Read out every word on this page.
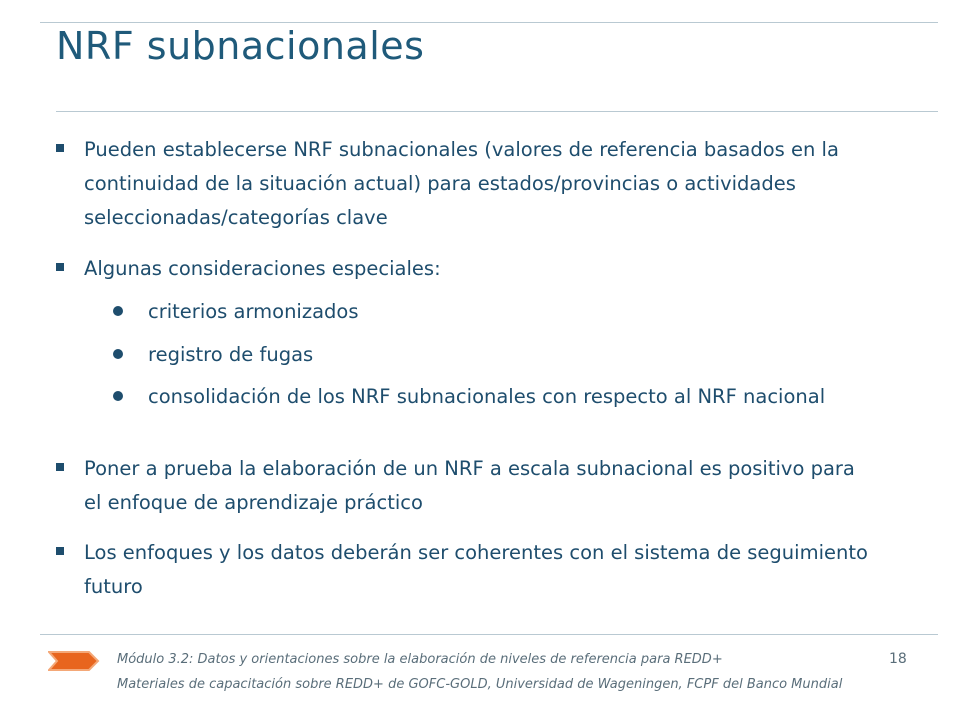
NRF subnacionales
Pueden establecerse NRF subnacionales (valores de referencia basados en la continuidad de la situación actual) para estados/provincias o actividades seleccionadas/categorías clave
Algunas consideraciones especiales:
criterios armonizados
registro de fugas
consolidación de los NRF subnacionales con respecto al NRF nacional
Poner a prueba la elaboración de un NRF a escala subnacional es positivo para el enfoque de aprendizaje práctico
Los enfoques y los datos deberán ser coherentes con el sistema de seguimiento futuro
Módulo 3.2: Datos y orientaciones sobre la elaboración de niveles de referencia para REDD+
Materiales de capacitación sobre REDD+ de GOFC-GOLD, Universidad de Wageningen, FCPF del Banco Mundial
18
